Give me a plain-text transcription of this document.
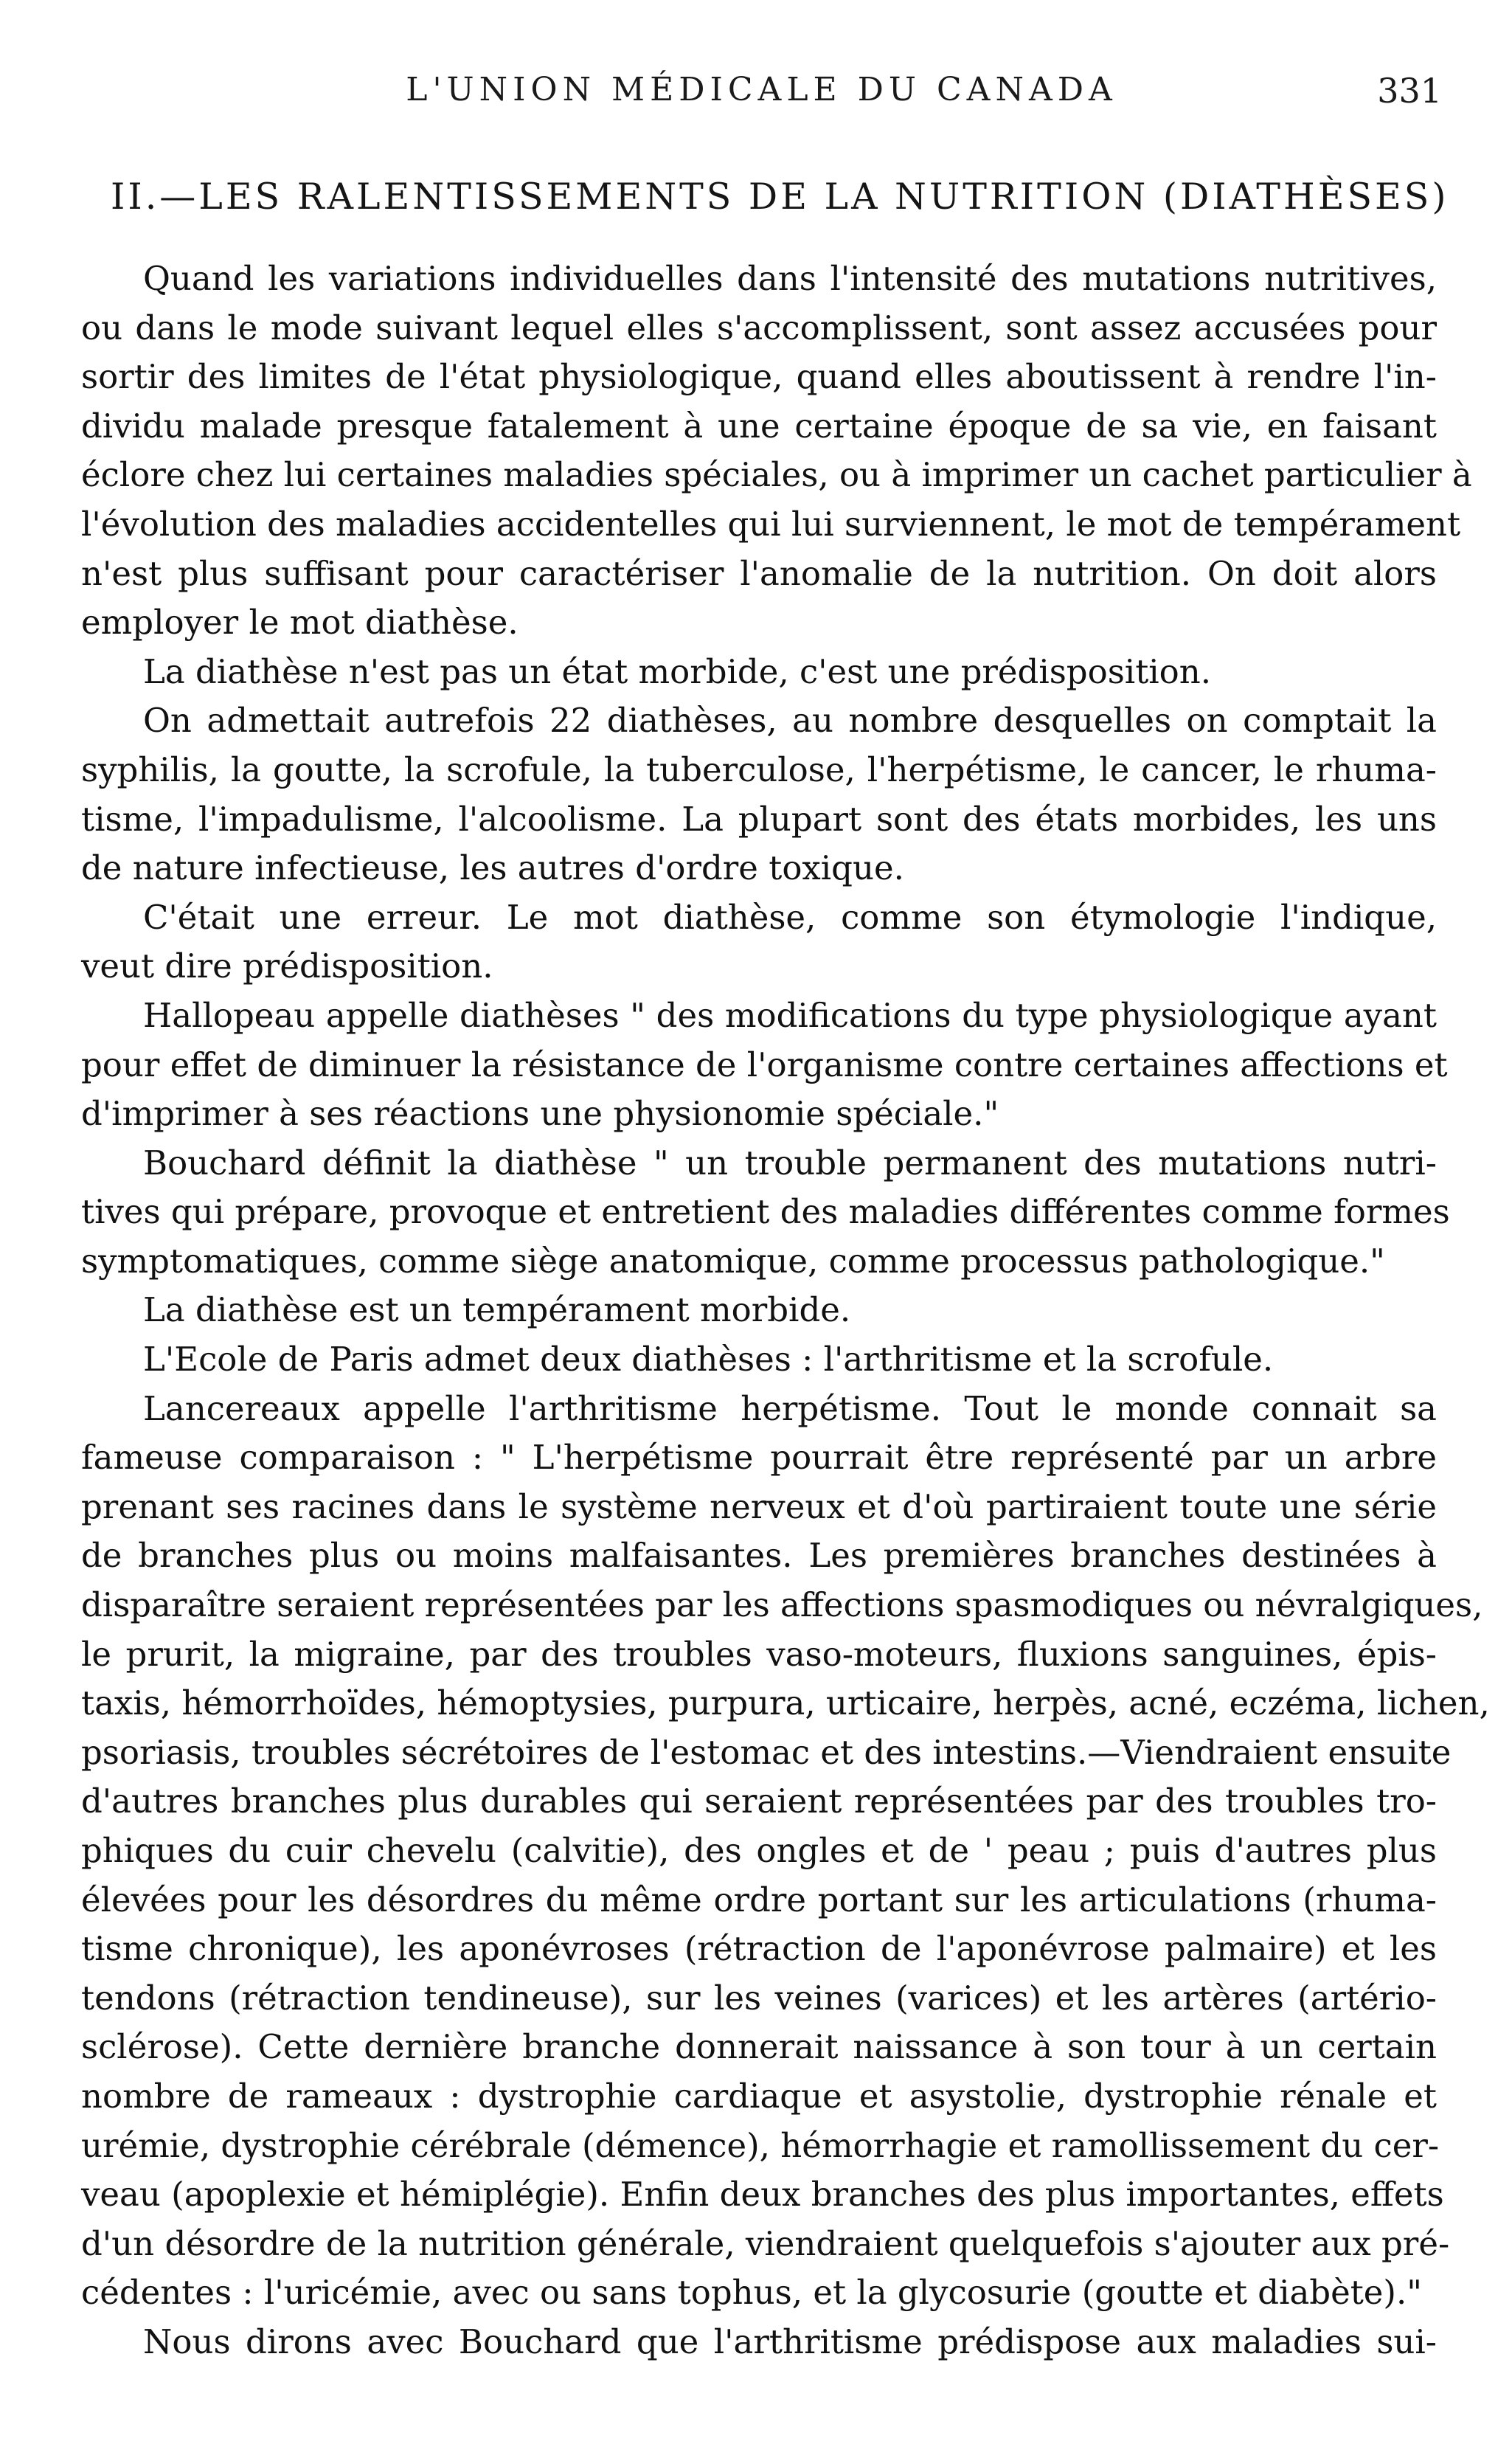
L'UNION MÉDICALE DU CANADA	331
II.—LES RALENTISSEMENTS DE LA NUTRITION (DIATHÈSES)
Quand les variations individuelles dans l'intensité des mutations nutritives,
ou dans le mode suivant lequel elles s'accomplissent, sont assez accusées pour
sortir des limites de l'état physiologique, quand elles aboutissent à rendre l'in-
dividu malade presque fatalement à une certaine époque de sa vie, en faisant
éclore chez lui certaines maladies spéciales, ou à imprimer un cachet particulier à
l'évolution des maladies accidentelles qui lui surviennent, le mot de tempérament
n'est plus suffisant pour caractériser l'anomalie de la nutrition. On doit alors
employer le mot diathèse.
La diathèse n'est pas un état morbide, c'est une prédisposition.
On admettait autrefois 22 diathèses, au nombre desquelles on comptait la
syphilis, la goutte, la scrofule, la tuberculose, l'herpétisme, le cancer, le rhuma-
tisme, l'impadulisme, l'alcoolisme. La plupart sont des états morbides, les uns
de nature infectieuse, les autres d'ordre toxique.
C'était une erreur. Le mot diathèse, comme son étymologie l'indique,
veut dire prédisposition.
Hallopeau appelle diathèses " des modifications du type physiologique ayant
pour effet de diminuer la résistance de l'organisme contre certaines affections et
d'imprimer à ses réactions une physionomie spéciale."
Bouchard définit la diathèse " un trouble permanent des mutations nutri-
tives qui prépare, provoque et entretient des maladies différentes comme formes
symptomatiques, comme siège anatomique, comme processus pathologique."
La diathèse est un tempérament morbide.
L'Ecole de Paris admet deux diathèses : l'arthritisme et la scrofule.
Lancereaux appelle l'arthritisme herpétisme. Tout le monde connait sa
fameuse comparaison : " L'herpétisme pourrait être représenté par un arbre
prenant ses racines dans le système nerveux et d'où partiraient toute une série
de branches plus ou moins malfaisantes. Les premières branches destinées à
disparaître seraient représentées par les affections spasmodiques ou névralgiques,
le prurit, la migraine, par des troubles vaso-moteurs, fluxions sanguines, épis-
taxis, hémorrhoïdes, hémoptysies, purpura, urticaire, herpès, acné, eczéma, lichen,
psoriasis, troubles sécrétoires de l'estomac et des intestins.—Viendraient ensuite
d'autres branches plus durables qui seraient représentées par des troubles tro-
phiques du cuir chevelu (calvitie), des ongles et de ' peau ; puis d'autres plus
élevées pour les désordres du même ordre portant sur les articulations (rhuma-
tisme chronique), les aponévroses (rétraction de l'aponévrose palmaire) et les
tendons (rétraction tendineuse), sur les veines (varices) et les artères (artério-
sclérose). Cette dernière branche donnerait naissance à son tour à un certain
nombre de rameaux : dystrophie cardiaque et asystolie, dystrophie rénale et
urémie, dystrophie cérébrale (démence), hémorrhagie et ramollissement du cer-
veau (apoplexie et hémiplégie). Enfin deux branches des plus importantes, effets
d'un désordre de la nutrition générale, viendraient quelquefois s'ajouter aux pré-
cédentes : l'uricémie, avec ou sans tophus, et la glycosurie (goutte et diabète)."
Nous dirons avec Bouchard que l'arthritisme prédispose aux maladies sui-
